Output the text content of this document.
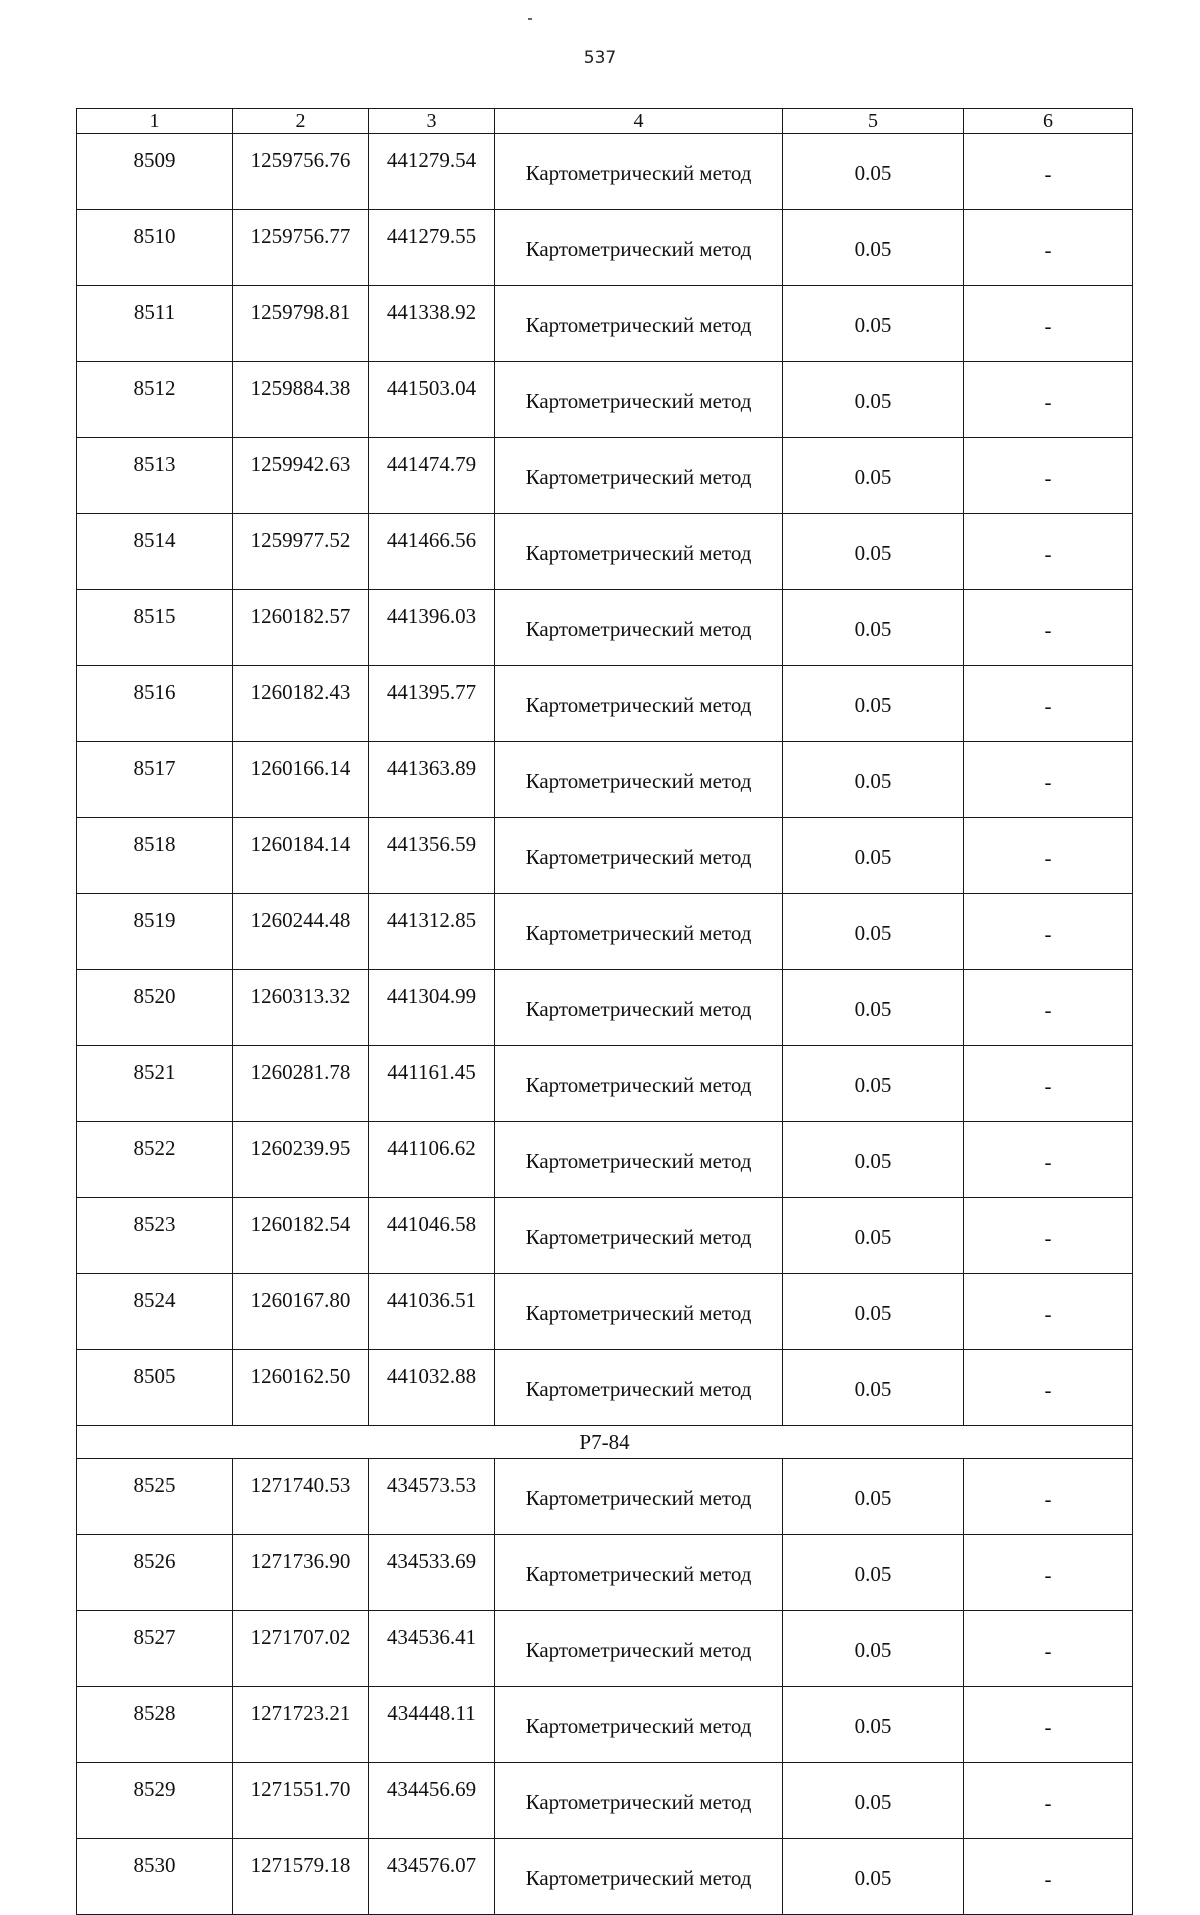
537
1	2	3	4	5	6
8509	1259756.76	441279.54	Картометрический метод	0.05	-
8510	1259756.77	441279.55	Картометрический метод	0.05	-
8511	1259798.81	441338.92	Картометрический метод	0.05	-
8512	1259884.38	441503.04	Картометрический метод	0.05	-
8513	1259942.63	441474.79	Картометрический метод	0.05	-
8514	1259977.52	441466.56	Картометрический метод	0.05	-
8515	1260182.57	441396.03	Картометрический метод	0.05	-
8516	1260182.43	441395.77	Картометрический метод	0.05	-
8517	1260166.14	441363.89	Картометрический метод	0.05	-
8518	1260184.14	441356.59	Картометрический метод	0.05	-
8519	1260244.48	441312.85	Картометрический метод	0.05	-
8520	1260313.32	441304.99	Картометрический метод	0.05	-
8521	1260281.78	441161.45	Картометрический метод	0.05	-
8522	1260239.95	441106.62	Картометрический метод	0.05	-
8523	1260182.54	441046.58	Картометрический метод	0.05	-
8524	1260167.80	441036.51	Картометрический метод	0.05	-
8505	1260162.50	441032.88	Картометрический метод	0.05	-
Р7-84					
8525	1271740.53	434573.53	Картометрический метод	0.05	-
8526	1271736.90	434533.69	Картометрический метод	0.05	-
8527	1271707.02	434536.41	Картометрический метод	0.05	-
8528	1271723.21	434448.11	Картометрический метод	0.05	-
8529	1271551.70	434456.69	Картометрический метод	0.05	-
8530	1271579.18	434576.07	Картометрический метод	0.05	-
